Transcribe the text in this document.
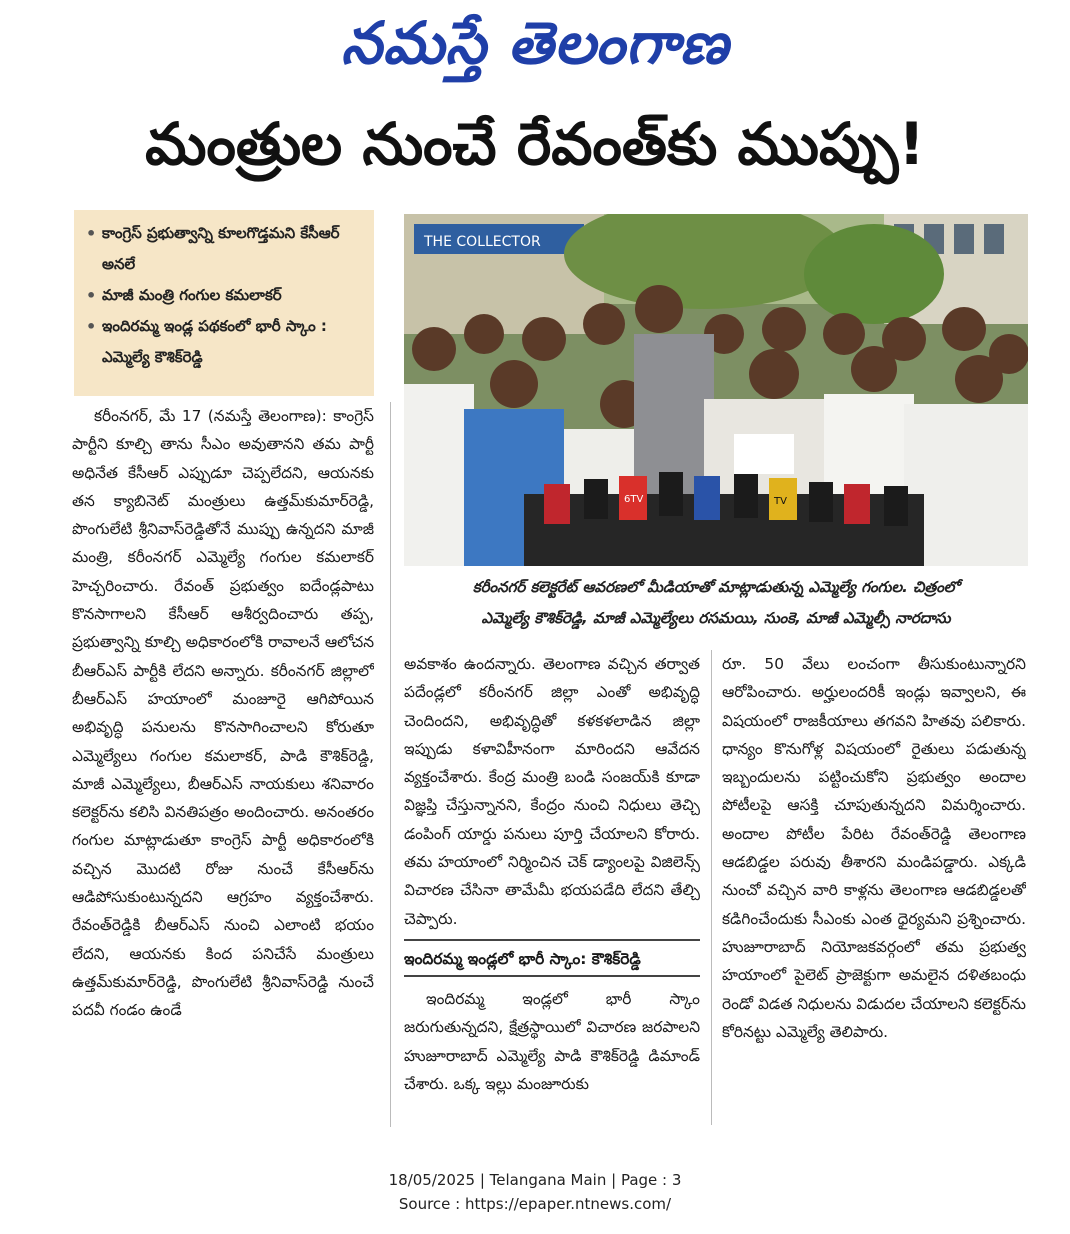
నమస్తే తెలంగాణ
మంత్రుల నుంచే రేవంత్‌కు ముప్పు!
• కాంగ్రెస్ ప్రభుత్వాన్ని కూలగొడ్తమని కేసీఆర్ అనలే
• మాజీ మంత్రి గంగుల కమలాకర్
• ఇందిరమ్మ ఇండ్ల పథకంలో భారీ స్కాం : ఎమ్మెల్యే కౌశిక్‌రెడ్డి
THE COLLECTOR
6TV	TV
కరీంనగర్ కలెక్టరేట్ ఆవరణలో మీడియాతో మాట్లాడుతున్న ఎమ్మెల్యే గంగుల. చిత్రంలో
ఎమ్మెల్యే కౌశిక్‌రెడ్డి, మాజీ ఎమ్మెల్యేలు రసమయి, సుంకె, మాజీ ఎమ్మెల్సీ నారదాసు

కరీంనగర్, మే 17 (నమస్తే తెలంగాణ): కాంగ్రెస్ పార్టీని కూల్చి తాను సీఎం అవుతానని తమ పార్టీ అధినేత కేసీఆర్ ఎప్పుడూ చెప్పలేదని, ఆయనకు తన క్యాబినెట్ మంత్రులు ఉత్తమ్‌కుమార్‌రెడ్డి, పొంగులేటి శ్రీనివాస్‌రెడ్డితోనే ముప్పు ఉన్నదని మాజీ మంత్రి, కరీంనగర్ ఎమ్మెల్యే గంగుల కమలాకర్ హెచ్చరించారు. రేవంత్ ప్రభుత్వం ఐదేండ్లపాటు కొనసాగాలని కేసీఆర్ ఆశీర్వదించారు తప్ప, ప్రభుత్వాన్ని కూల్చి అధికారంలోకి రావాలనే ఆలోచన బీఆర్‌ఎస్ పార్టీకి లేదని అన్నారు. కరీంనగర్ జిల్లాలో బీఆర్‌ఎస్ హయాంలో మంజూరై ఆగిపోయిన అభివృద్ధి పనులను కొనసాగించాలని కోరుతూ ఎమ్మెల్యేలు గంగుల కమలాకర్, పాడి కౌశిక్‌రెడ్డి, మాజీ ఎమ్మెల్యేలు, బీఆర్‌ఎస్ నాయకులు శనివారం కలెక్టర్‌ను కలిసి వినతిపత్రం అందించారు. అనంతరం గంగుల మాట్లాడుతూ కాంగ్రెస్ పార్టీ అధికారంలోకి వచ్చిన మొదటి రోజు నుంచే కేసీఆర్‌ను ఆడిపోసుకుంటున్నదని ఆగ్రహం వ్యక్తంచేశారు. రేవంత్‌రెడ్డికి బీఆర్‌ఎస్ నుంచి ఎలాంటి భయం లేదని, ఆయనకు కింద పనిచేసే మంత్రులు ఉత్తమ్‌కుమార్‌రెడ్డి, పొంగులేటి శ్రీనివాస్‌రెడ్డి నుంచే పదవీ గండం ఉండే

అవకాశం ఉందన్నారు. తెలంగాణ వచ్చిన తర్వాత పదేండ్లలో కరీంనగర్ జిల్లా ఎంతో అభివృద్ధి చెందిందని, అభివృద్ధితో కళకళలాడిన జిల్లా ఇప్పుడు కళావిహీనంగా మారిందని ఆవేదన వ్యక్తంచేశారు. కేంద్ర మంత్రి బండి సంజయ్‌కి కూడా విజ్ఞప్తి చేస్తున్నానని, కేంద్రం నుంచి నిధులు తెచ్చి డంపింగ్ యార్డు పనులు పూర్తి చేయాలని కోరారు. తమ హయాంలో నిర్మించిన చెక్ డ్యాంలపై విజిలెన్స్ విచారణ చేసినా తామేమీ భయపడేది లేదని తేల్చి చెప్పారు.

ఇందిరమ్మ ఇండ్లలో భారీ స్కాం: కౌశిక్‌రెడ్డి

ఇందిరమ్మ ఇండ్లలో భారీ స్కాం జరుగుతున్నదని, క్షేత్రస్థాయిలో విచారణ జరపాలని హుజూరాబాద్ ఎమ్మెల్యే పాడి కౌశిక్‌రెడ్డి డిమాండ్ చేశారు. ఒక్క ఇల్లు మంజూరుకు

రూ. 50 వేలు లంచంగా తీసుకుంటున్నారని ఆరోపించారు. అర్హులందరికీ ఇండ్లు ఇవ్వాలని, ఈ విషయంలో రాజకీయాలు తగవని హితవు పలికారు. ధాన్యం కొనుగోళ్ల విషయంలో రైతులు పడుతున్న ఇబ్బందులను పట్టించుకోని ప్రభుత్వం అందాల పోటీలపై ఆసక్తి చూపుతున్నదని విమర్శించారు. అందాల పోటీల పేరిట రేవంత్‌రెడ్డి తెలంగాణ ఆడబిడ్డల పరువు తీశారని మండిపడ్డారు. ఎక్కడి నుంచో వచ్చిన వారి కాళ్లను తెలంగాణ ఆడబిడ్డలతో కడిగించేందుకు సీఎంకు ఎంత ధైర్యమని ప్రశ్నించారు. హుజూరాబాద్ నియోజకవర్గంలో తమ ప్రభుత్వ హయాంలో పైలెట్ ప్రాజెక్టుగా అమలైన దళితబంధు రెండో విడత నిధులను విడుదల చేయాలని కలెక్టర్‌ను కోరినట్టు ఎమ్మెల్యే తెలిపారు.

18/05/2025 | Telangana Main | Page : 3
Source : https://epaper.ntnews.com/
